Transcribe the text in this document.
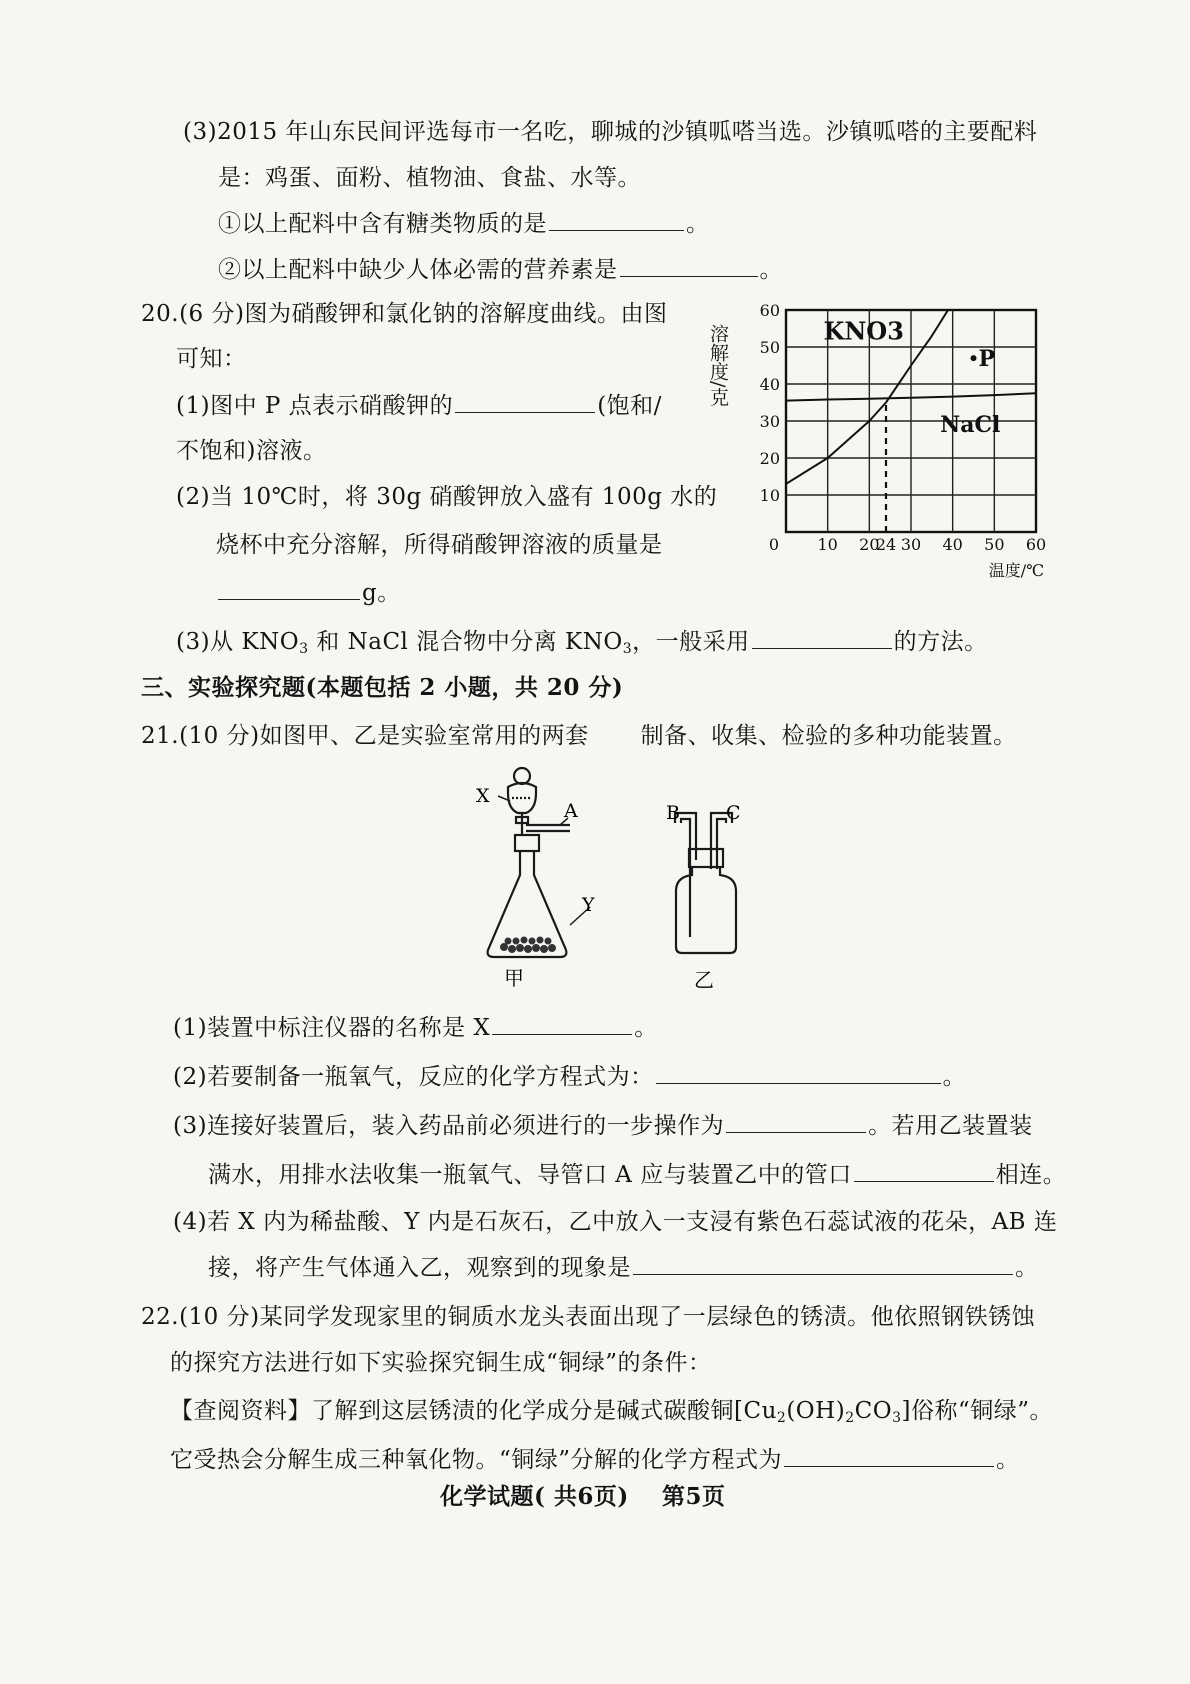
(3)2015 年山东民间评选每市一名吃，聊城的沙镇呱嗒当选。沙镇呱嗒的主要配料
是：鸡蛋、面粉、植物油、食盐、水等。
①以上配料中含有糖类物质的是	。
②以上配料中缺少人体必需的营养素是	。
20.(6 分)图为硝酸钾和氯化钠的溶解度曲线。由图
可知：
(1)图中 P 点表示硝酸钾的	(饱和/
不饱和)溶液。
(2)当 10℃时，将 30g 硝酸钾放入盛有 100g 水的
烧杯中充分溶解，所得硝酸钾溶液的质量是
g。
(3)从 $KNO_3$ 和 NaCl 混合物中分离 $KNO_3$，一般采用	的方法。
0 10 20
24 30 40 50 60
10
20
30
40
50
60
KNO3
NaCl
P
溶解度/克
温度/℃
三、实验探究题(本题包括 2 小题，共 20 分)
21.(10 分)如图甲、乙是实验室常用的两套 制备、收集、检验的多种功能装置。
X
A
Y
甲
B C
乙
(1)装置中标注仪器的名称是 X	。
(2)若要制备一瓶氧气，反应的化学方程式为：	。
(3)连接好装置后，装入药品前必须进行的一步操作为	。若用乙装置装
满水，用排水法收集一瓶氧气、导管口 A 应与装置乙中的管口	相连。
(4)若 X 内为稀盐酸、Y 内是石灰石，乙中放入一支浸有紫色石蕊试液的花朵，AB 连
接，将产生气体通入乙，观察到的现象是	。
22.(10 分)某同学发现家里的铜质水龙头表面出现了一层绿色的锈渍。他依照钢铁锈蚀
的探究方法进行如下实验探究铜生成“铜绿”的条件：
【查阅资料】了解到这层锈渍的化学成分是碱式碳酸铜$[Cu_2(OH)_2CO_3]$俗称“铜绿”。
它受热会分解生成三种氧化物。“铜绿”分解的化学方程式为	。
化学试题( 共6页) 第5页
